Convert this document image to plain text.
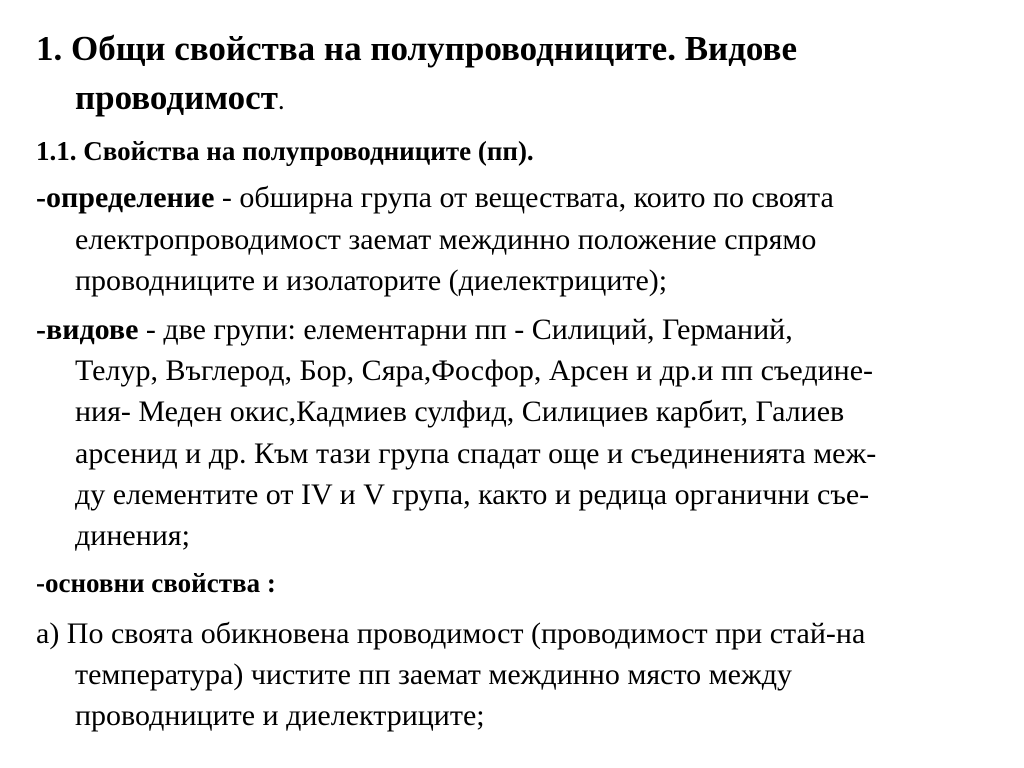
1. Общи свойства на полупроводниците. Видове
проводимост.
1.1. Свойства на полупроводниците (пп).
-определение - обширна група от веществата, които по своята
електропроводимост заемат междинно положение спрямо
проводниците и изолаторите (диелектриците);
-видове - две групи: елементарни пп - Силиций, Германий,
Телур, Въглерод, Бор, Сяра,Фосфор, Арсен и др.и пп съедине-
ния- Меден окис,Кадмиев сулфид, Силициев карбит, Галиев
арсенид и др. Към тази група спадат още и съединенията меж-
ду елементите от IV и V група, както и редица органични съе-
динения;
-основни свойства :
а) По своята обикновена проводимост (проводимост при стай-на
температура) чистите пп заемат междинно място между
проводниците и диелектриците;
